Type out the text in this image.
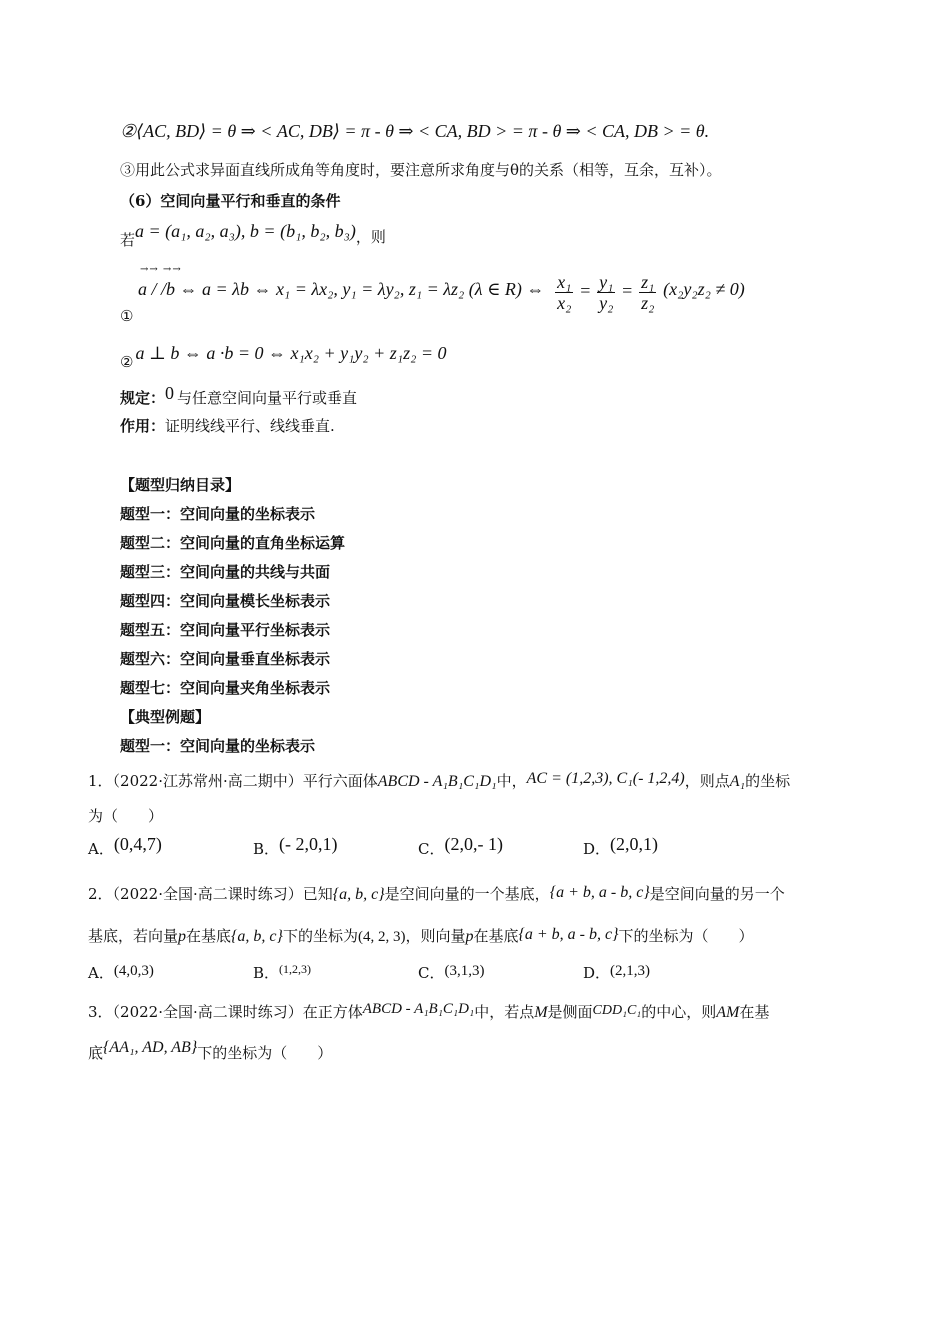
②⟨AC, BD⟩ = θ ⇒ < AC, DB⟩ = π - θ ⇒ < CA, BD > = π - θ ⇒ < CA, DB > = θ.
③用此公式求异面直线所成角等角度时，要注意所求角度与θ的关系（相等，互余，互补）。
（6）空间向量平行和垂直的条件
若a = (a₁, a₂, a₃), b = (b₁, b₂, b₃)，则
→→ →→
a / /b ⇔ a = λb ⇔ x₁ = λx₂, y₁ = λy₂, z₁ = λz₂ (λ ∈ R) ⇔ $\frac{\text{x₁}}{\text{x₂}} = \frac{\text{y₁}}{\text{y₂}} = \frac{\text{z₁}}{\text{z₂}} (x_2y_2z_2 \ne 0)$
①
② a ⊥ b ⇔ a ·b = 0 ⇔ x₁x₂ + y₁y₂ + z₁z₂ = 0
规定：0 与任意空间向量平行或垂直
作用：证明线线平行、线线垂直.
【题型归纳目录】
题型一：空间向量的坐标表示
题型二：空间向量的直角坐标运算
题型三：空间向量的共线与共面
题型四：空间向量模长坐标表示
题型五：空间向量平行坐标表示
题型六：空间向量垂直坐标表示
题型七：空间向量夹角坐标表示
【典型例题】
题型一：空间向量的坐标表示
1．（2022·江苏常州·高二期中）平行六面体ABCD - A₁B₁C₁D₁中，AC = (1,2,3), C₁(- 1,2,4)，则点A₁的坐标
为（　　）
A．(0,4,7)	B．(- 2,0,1)	C．(2,0,- 1)	D．(2,0,1)
2．（2022·全国·高二课时练习）已知{a, b, c}是空间向量的一个基底，{a + b, a - b, c}是空间向量的另一个
基底，若向量p在基底{a, b, c}下的坐标为(4, 2, 3)，则向量p在基底{a + b, a - b, c}下的坐标为（　　）
A．(4,0,3)	B．$^{(1,2,3)}$	C．(3,1,3)	D．(2,1,3)
3．（2022·全国·高二课时练习）在正方体ABCD - A₁B₁C₁D₁中，若点M是侧面CDD₁C₁的中心，则AM在基
底{AA₁, AD, AB}下的坐标为（　　）
